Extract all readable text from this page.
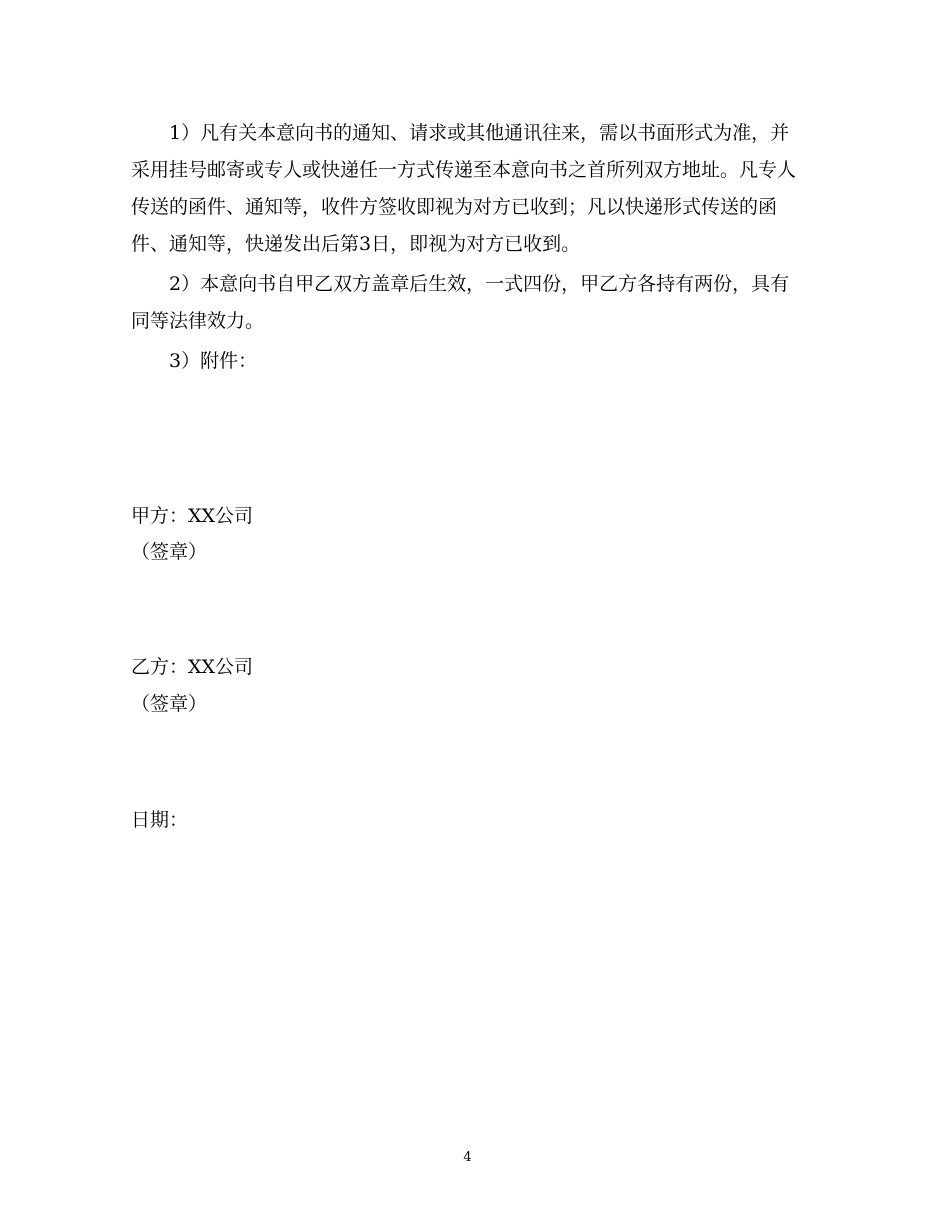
1）凡有关本意向书的通知、请求或其他通讯往来，需以书面形式为准，并采用挂号邮寄或专人或快递任一方式传递至本意向书之首所列双方地址。凡专人传送的函件、通知等，收件方签收即视为对方已收到；凡以快递形式传送的函件、通知等，快递发出后第3日，即视为对方已收到。

2）本意向书自甲乙双方盖章后生效，一式四份，甲乙方各持有两份，具有同等法律效力。

3）附件：

甲方：XX公司
（签章）
乙方：XX公司
（签章）
日期：
4
